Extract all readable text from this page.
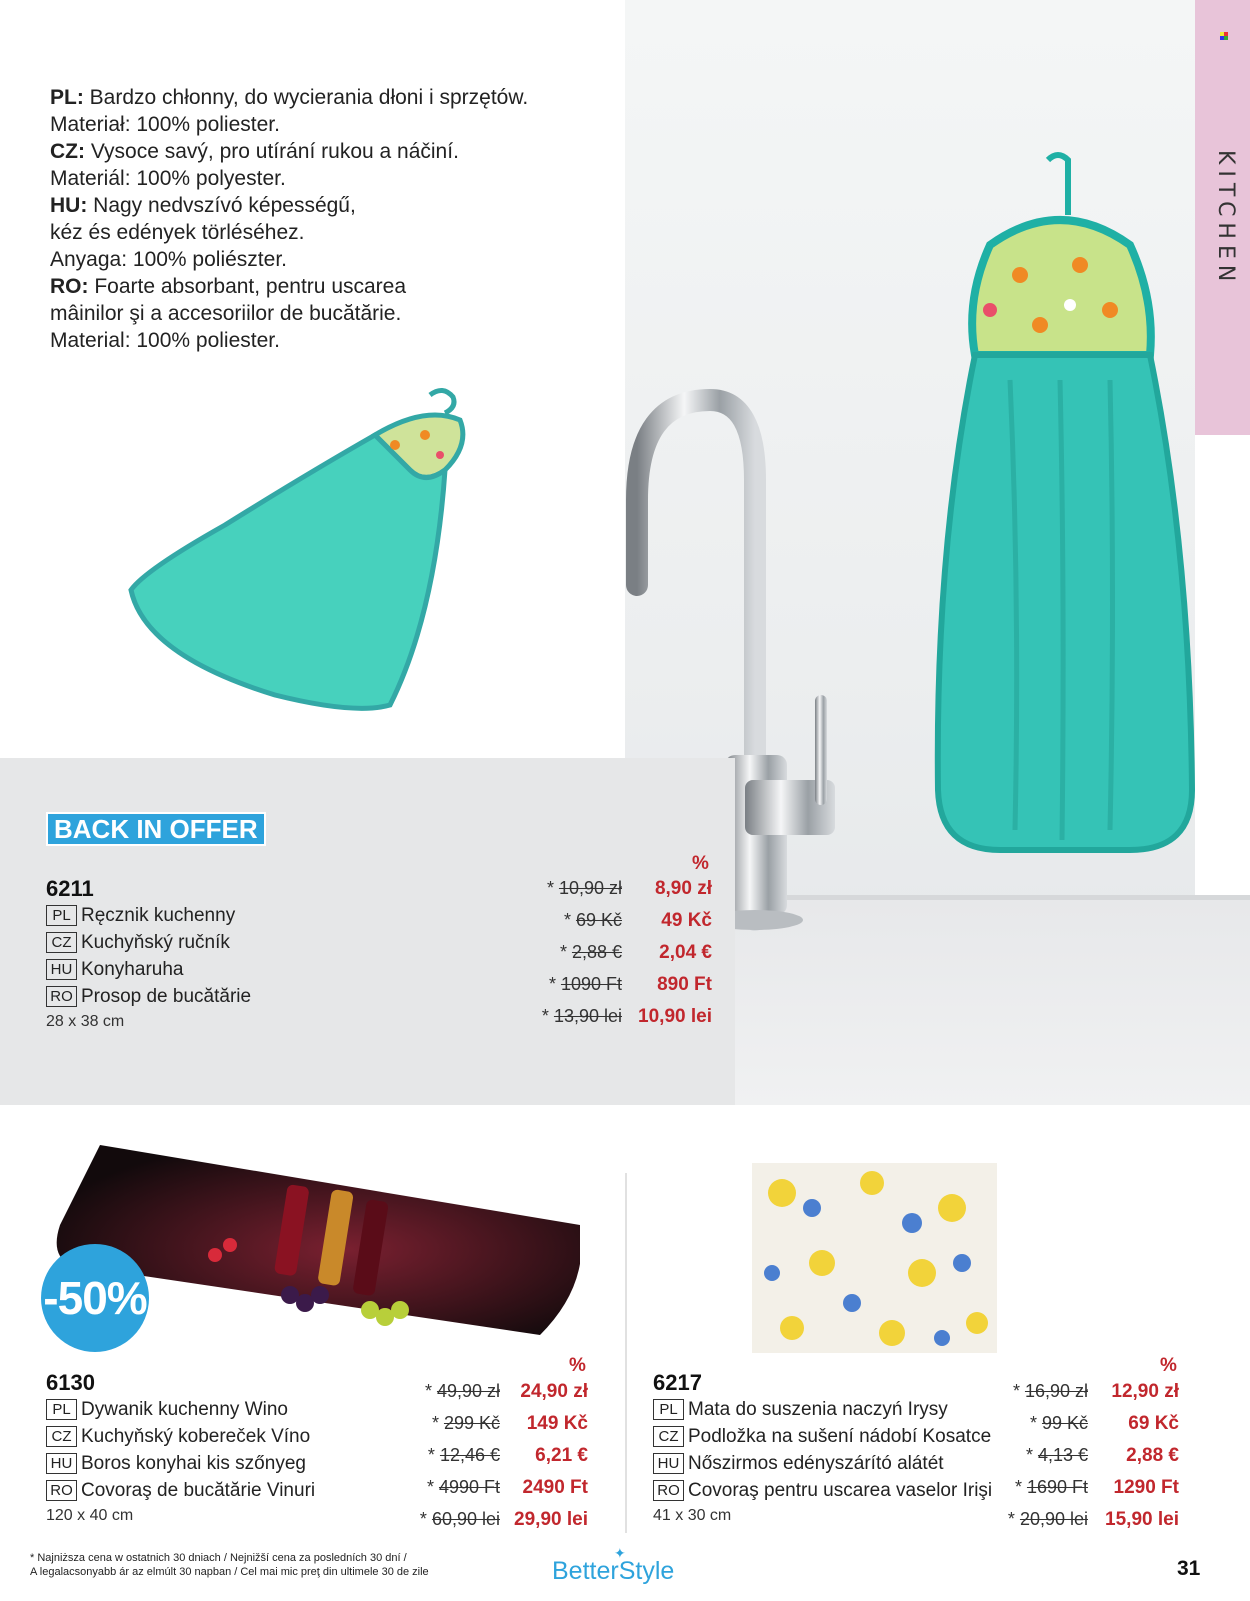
KITCHEN
PL: Bardzo chłonny, do wycierania dłoni i sprzętów.
Materiał: 100% poliester.
CZ: Vysoce savý, pro utírání rukou a náčiní.
Materiál: 100% polyester.
HU: Nagy nedvszívó képességű,
kéz és edények törléséhez.
Anyaga: 100% poliészter.
RO: Foarte absorbant, pentru uscarea
mâinilor şi a accesoriilor de bucătărie.
Material: 100% poliester.
BACK IN OFFER
6211
PL Ręcznik kuchenny
CZ Kuchyňský ručník
HU Konyharuha
RO Prosop de bucătărie
28 x 38 cm
%
* 10,90 zł	8,90 zł
* 69 Kč	49 Kč
* 2,88 €	2,04 €
* 1090 Ft	890 Ft
* 13,90 lei 10,90 lei
-50%
6130
PL Dywanik kuchenny Wino
CZ Kuchyňský kobereček Víno
HU Boros konyhai kis szőnyeg
RO Covoraş de bucătărie Vinuri
120 x 40 cm
%
* 49,90 zł	24,90 zł
* 299 Kč	149 Kč
* 12,46 €	6,21 €
* 4990 Ft	2490 Ft
* 60,90 lei 29,90 lei
6217
PL Mata do suszenia naczyń Irysy
CZ Podložka na sušení nádobí Kosatce
HU Nőszirmos edényszárító alátét
RO Covoraş pentru uscarea vaselor Irişi
41 x 30 cm
%
* 16,90 zł	12,90 zł
* 99 Kč	69 Kč
* 4,13 €	2,88 €
* 1690 Ft	1290 Ft
* 20,90 lei 15,90 lei
* Najniższa cena w ostatnich 30 dniach / Nejnižší cena za posledních 30 dní /
A legalacsonyabb ár az elmúlt 30 napban / Cel mai mic preţ din ultimele 30 de zile
✦
BetterStyle	31
